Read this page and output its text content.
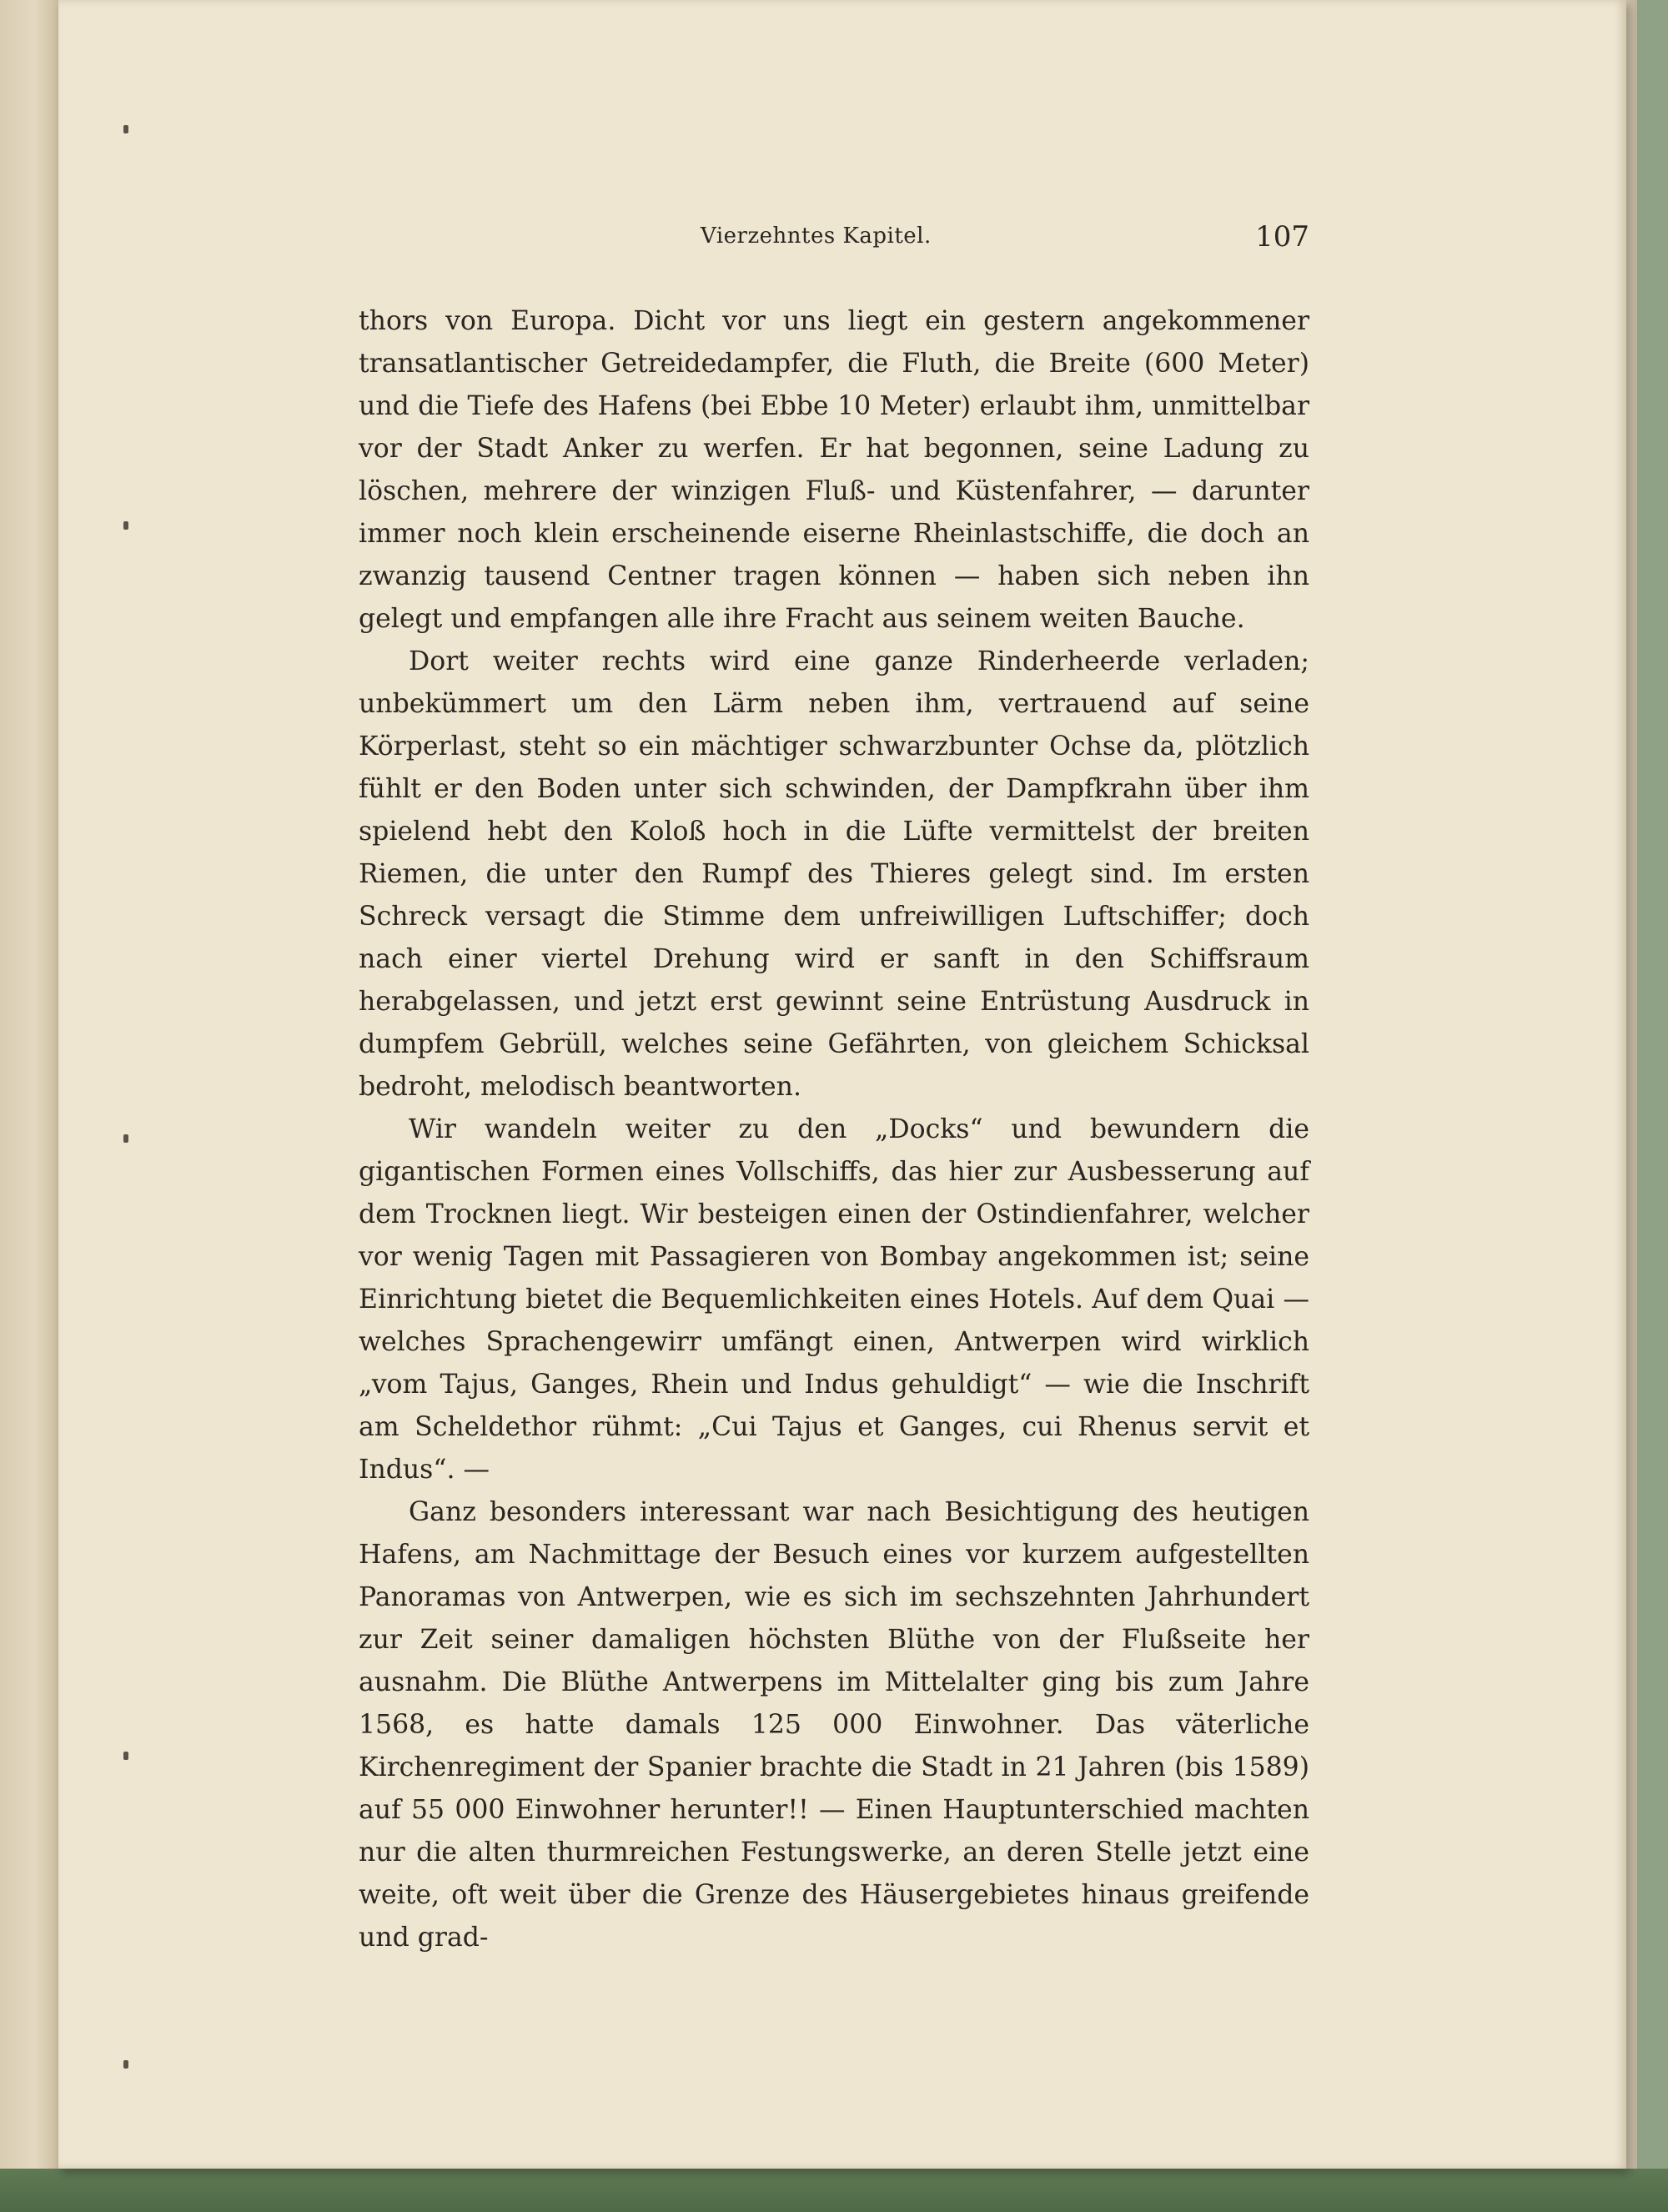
Vierzehntes Kapitel.	107

thors von Europa. Dicht vor uns liegt ein gestern angekommener transatlantischer Getreidedampfer, die Fluth, die Breite (600 Meter) und die Tiefe des Hafens (bei Ebbe 10 Meter) erlaubt ihm, unmittelbar vor der Stadt Anker zu werfen. Er hat begonnen, seine Ladung zu löschen, mehrere der winzigen Fluß- und Küstenfahrer, — darunter immer noch klein erscheinende eiserne Rheinlastschiffe, die doch an zwanzig tausend Centner tragen können — haben sich neben ihn gelegt und empfangen alle ihre Fracht aus seinem weiten Bauche.

Dort weiter rechts wird eine ganze Rinderheerde verladen; unbekümmert um den Lärm neben ihm, vertrauend auf seine Körperlast, steht so ein mächtiger schwarzbunter Ochse da, plötzlich fühlt er den Boden unter sich schwinden, der Dampfkrahn über ihm spielend hebt den Koloß hoch in die Lüfte vermittelst der breiten Riemen, die unter den Rumpf des Thieres gelegt sind. Im ersten Schreck versagt die Stimme dem unfreiwilligen Luftschiffer; doch nach einer viertel Drehung wird er sanft in den Schiffsraum herabgelassen, und jetzt erst gewinnt seine Entrüstung Ausdruck in dumpfem Gebrüll, welches seine Gefährten, von gleichem Schicksal bedroht, melodisch beantworten.

Wir wandeln weiter zu den „Docks“ und bewundern die gigantischen Formen eines Vollschiffs, das hier zur Ausbesserung auf dem Trocknen liegt. Wir besteigen einen der Ostindienfahrer, welcher vor wenig Tagen mit Passagieren von Bombay angekommen ist; seine Einrichtung bietet die Bequemlichkeiten eines Hotels. Auf dem Quai — welches Sprachengewirr umfängt einen, Antwerpen wird wirklich „vom Tajus, Ganges, Rhein und Indus gehuldigt“ — wie die Inschrift am Scheldethor rühmt: „Cui Tajus et Ganges, cui Rhenus servit et Indus“. —

Ganz besonders interessant war nach Besichtigung des heutigen Hafens, am Nachmittage der Besuch eines vor kurzem aufgestellten Panoramas von Antwerpen, wie es sich im sechszehnten Jahrhundert zur Zeit seiner damaligen höchsten Blüthe von der Flußseite her ausnahm. Die Blüthe Antwerpens im Mittelalter ging bis zum Jahre 1568, es hatte damals 125 000 Einwohner. Das väterliche Kirchenregiment der Spanier brachte die Stadt in 21 Jahren (bis 1589) auf 55 000 Einwohner herunter!! — Einen Hauptunterschied machten nur die alten thurmreichen Festungswerke, an deren Stelle jetzt eine weite, oft weit über die Grenze des Häusergebietes hinaus greifende und grad-
